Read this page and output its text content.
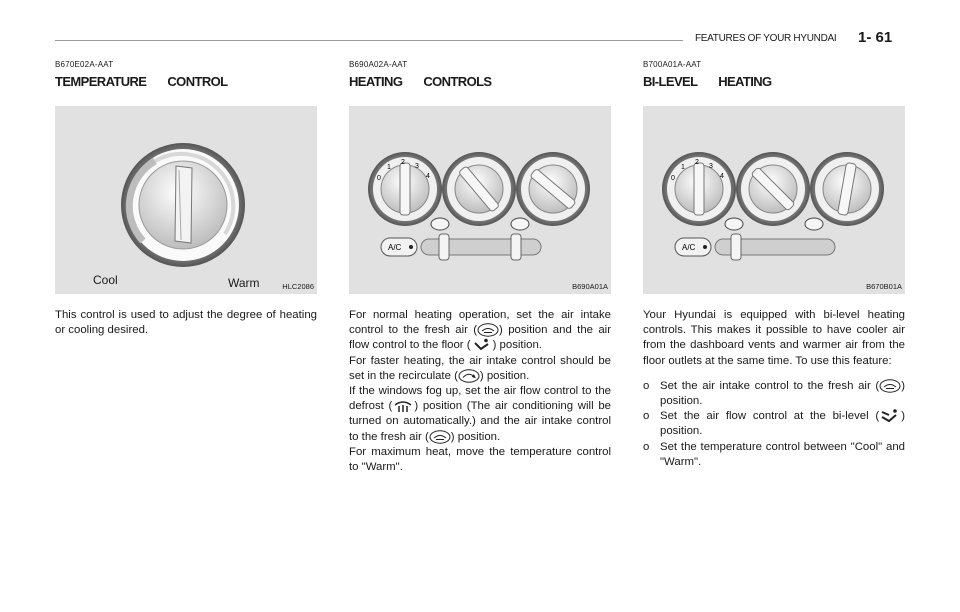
FEATURES OF YOUR HYUNDAI 1- 61
B670E02A-AAT
TEMPERATURE CONTROL
Cool	Warm	HLC2086

This control is used to adjust the degree of heating or cooling desired.

B690A02A-AAT
HEATING CONTROLS
0
1
2
3
4
A/C
B690A01A

For normal heating operation, set the air intake control to the fresh air ( ) position and the air flow control to the floor ( ) position.

For faster heating, the air intake control should be set in the recirculate ( ) position.

If the windows fog up, set the air flow control to the defrost ( ) position (The air conditioning will be turned on automatically.) and the air intake control to the fresh air ( ) position.

For maximum heat, move the temperature control to "Warm".

B700A01A-AAT
BI-LEVEL HEATING
0
1
2
3
4
A/C
B670B01A

Your Hyundai is equipped with bi-level heating controls. This makes it possible to have cooler air from the dashboard vents and warmer air from the floor outlets at the same time. To use this feature:

o Set the air intake control to the fresh air ( ) position.
o Set the air flow control at the bi-level ( ) position.
o Set the temperature control between "Cool" and "Warm".
